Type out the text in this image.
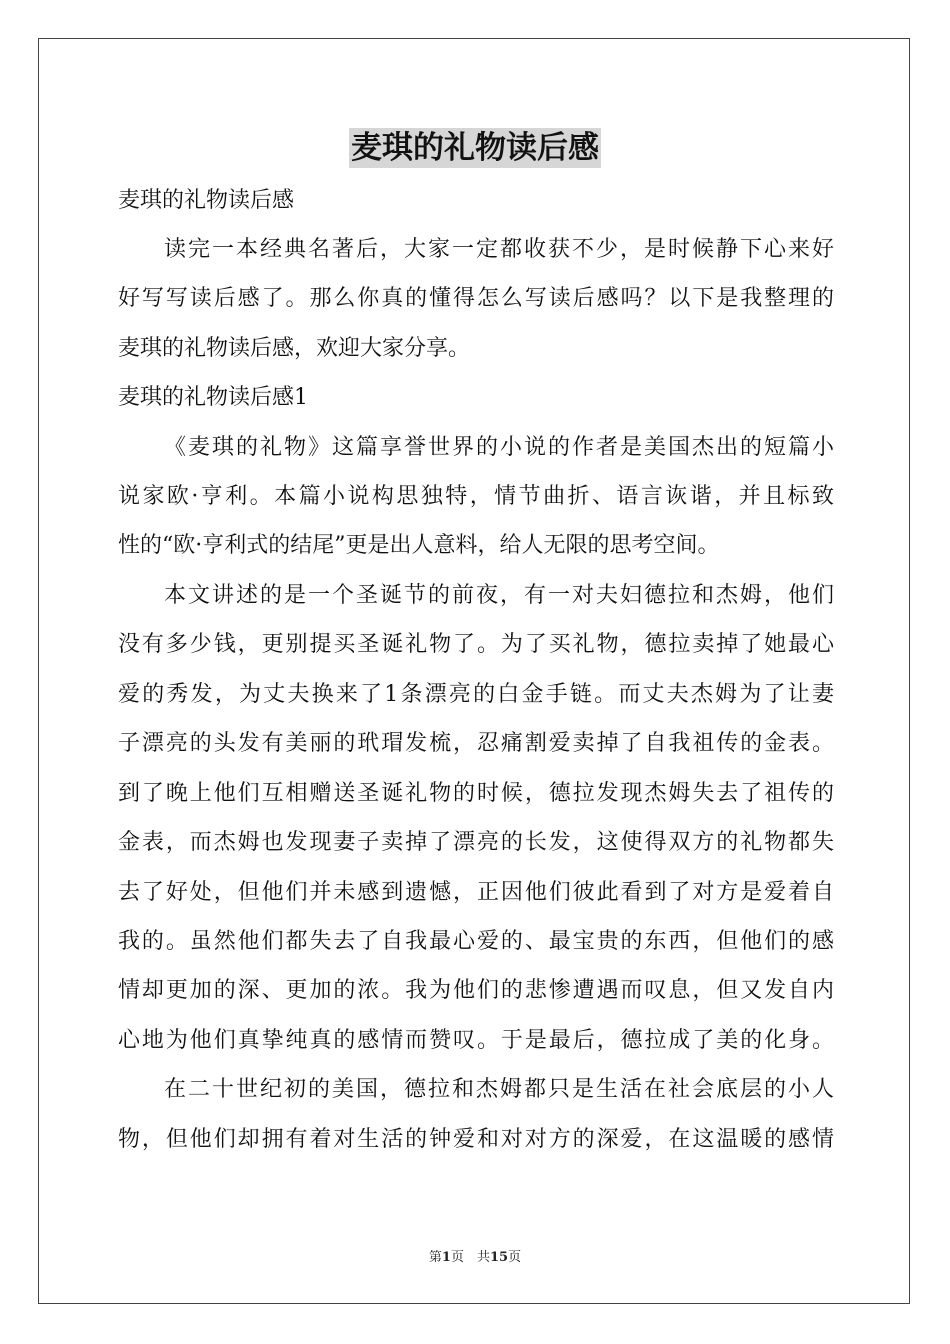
麦琪的礼物读后感
麦琪的礼物读后感
读完一本经典名著后，大家一定都收获不少，是时候静下心来好
好写写读后感了。那么你真的懂得怎么写读后感吗？以下是我整理的
麦琪的礼物读后感，欢迎大家分享。
麦琪的礼物读后感1
《麦琪的礼物》这篇享誉世界的小说的作者是美国杰出的短篇小
说家欧·亨利。本篇小说构思独特，情节曲折、语言诙谐，并且标致
性的“欧·亨利式的结尾”更是出人意料，给人无限的思考空间。
本文讲述的是一个圣诞节的前夜，有一对夫妇德拉和杰姆，他们
没有多少钱，更别提买圣诞礼物了。为了买礼物，德拉卖掉了她最心
爱的秀发，为丈夫换来了1条漂亮的白金手链。而丈夫杰姆为了让妻
子漂亮的头发有美丽的玳瑁发梳，忍痛割爱卖掉了自我祖传的金表。
到了晚上他们互相赠送圣诞礼物的时候，德拉发现杰姆失去了祖传的
金表，而杰姆也发现妻子卖掉了漂亮的长发，这使得双方的礼物都失
去了好处，但他们并未感到遗憾，正因他们彼此看到了对方是爱着自
我的。虽然他们都失去了自我最心爱的、最宝贵的东西，但他们的感
情却更加的深、更加的浓。我为他们的悲惨遭遇而叹息，但又发自内
心地为他们真挚纯真的感情而赞叹。于是最后，德拉成了美的化身。
在二十世纪初的美国，德拉和杰姆都只是生活在社会底层的小人
物，但他们却拥有着对生活的钟爱和对对方的深爱，在这温暖的感情
第1页　共15页
